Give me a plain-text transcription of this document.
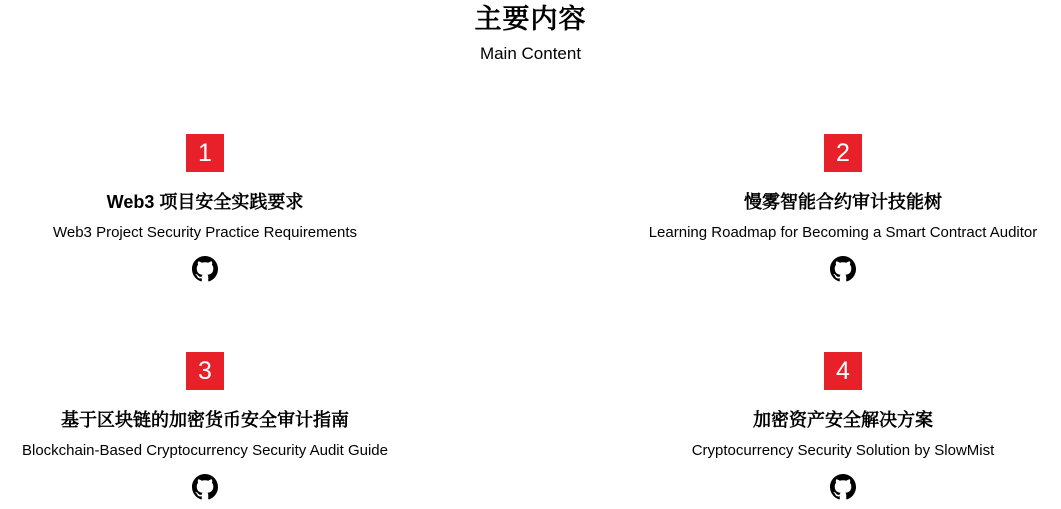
主要内容
Main Content
1
Web3 项目安全实践要求
Web3 Project Security Practice Requirements
2
慢雾智能合约审计技能树
Learning Roadmap for Becoming a Smart Contract Auditor
3
基于区块链的加密货币安全审计指南
Blockchain-Based Cryptocurrency Security Audit Guide
4
加密资产安全解决方案
Cryptocurrency Security Solution by SlowMist
